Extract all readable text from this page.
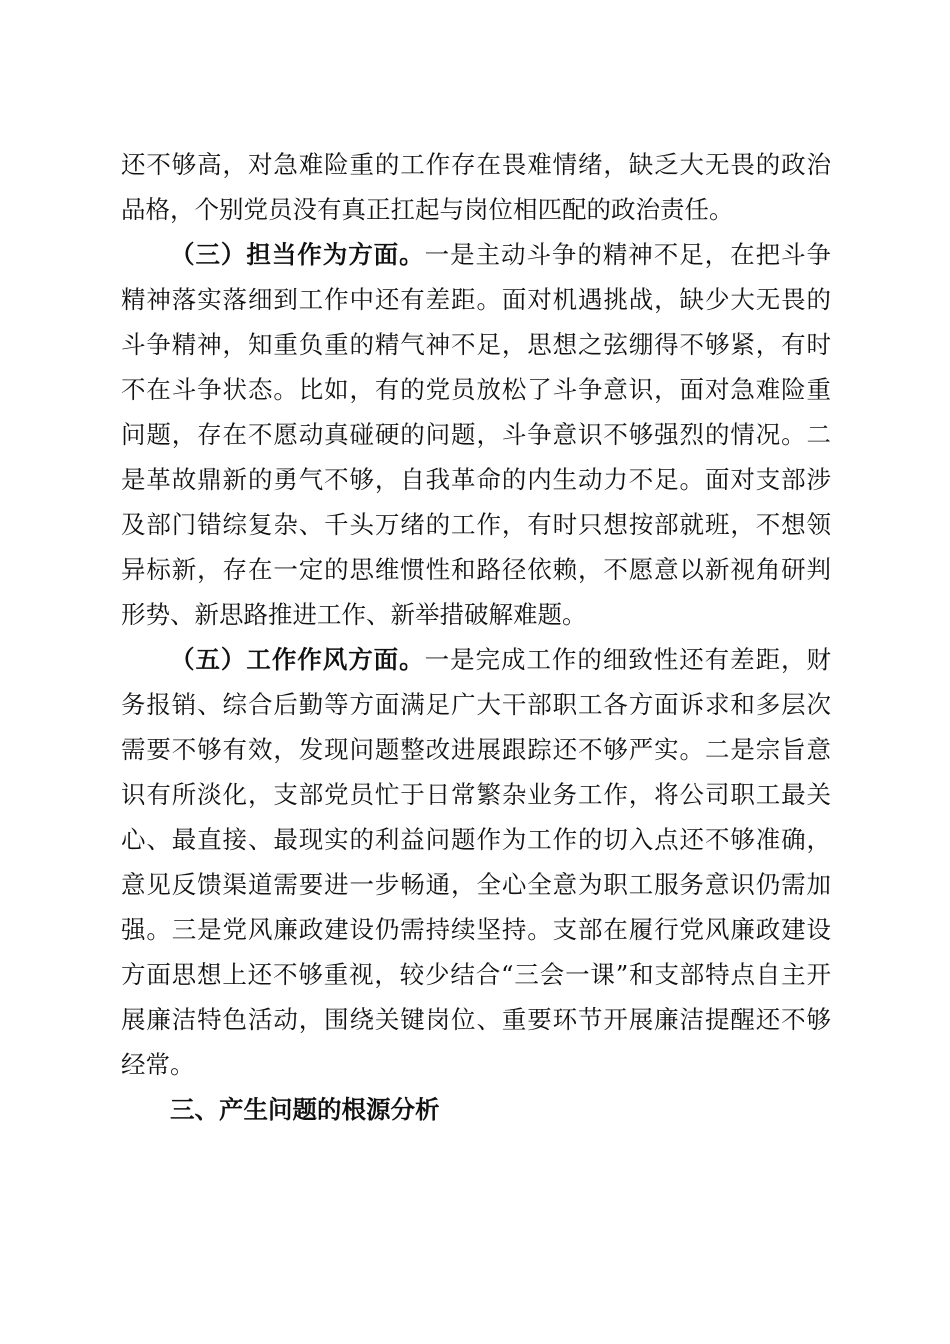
还不够高，对急难险重的工作存在畏难情绪，缺乏大无畏的政治品格，个别党员没有真正扛起与岗位相匹配的政治责任。

（三）担当作为方面。一是主动斗争的精神不足，在把斗争精神落实落细到工作中还有差距。面对机遇挑战，缺少大无畏的斗争精神，知重负重的精气神不足，思想之弦绷得不够紧，有时不在斗争状态。比如，有的党员放松了斗争意识，面对急难险重问题，存在不愿动真碰硬的问题，斗争意识不够强烈的情况。二是革故鼎新的勇气不够，自我革命的内生动力不足。面对支部涉及部门错综复杂、千头万绪的工作，有时只想按部就班，不想领异标新，存在一定的思维惯性和路径依赖，不愿意以新视角研判形势、新思路推进工作、新举措破解难题。

（五）工作作风方面。一是完成工作的细致性还有差距，财务报销、综合后勤等方面满足广大干部职工各方面诉求和多层次需要不够有效，发现问题整改进展跟踪还不够严实。二是宗旨意识有所淡化，支部党员忙于日常繁杂业务工作，将公司职工最关心、最直接、最现实的利益问题作为工作的切入点还不够准确，意见反馈渠道需要进一步畅通，全心全意为职工服务意识仍需加强。三是党风廉政建设仍需持续坚持。支部在履行党风廉政建设方面思想上还不够重视，较少结合“三会一课”和支部特点自主开展廉洁特色活动，围绕关键岗位、重要环节开展廉洁提醒还不够经常。

三、产生问题的根源分析
